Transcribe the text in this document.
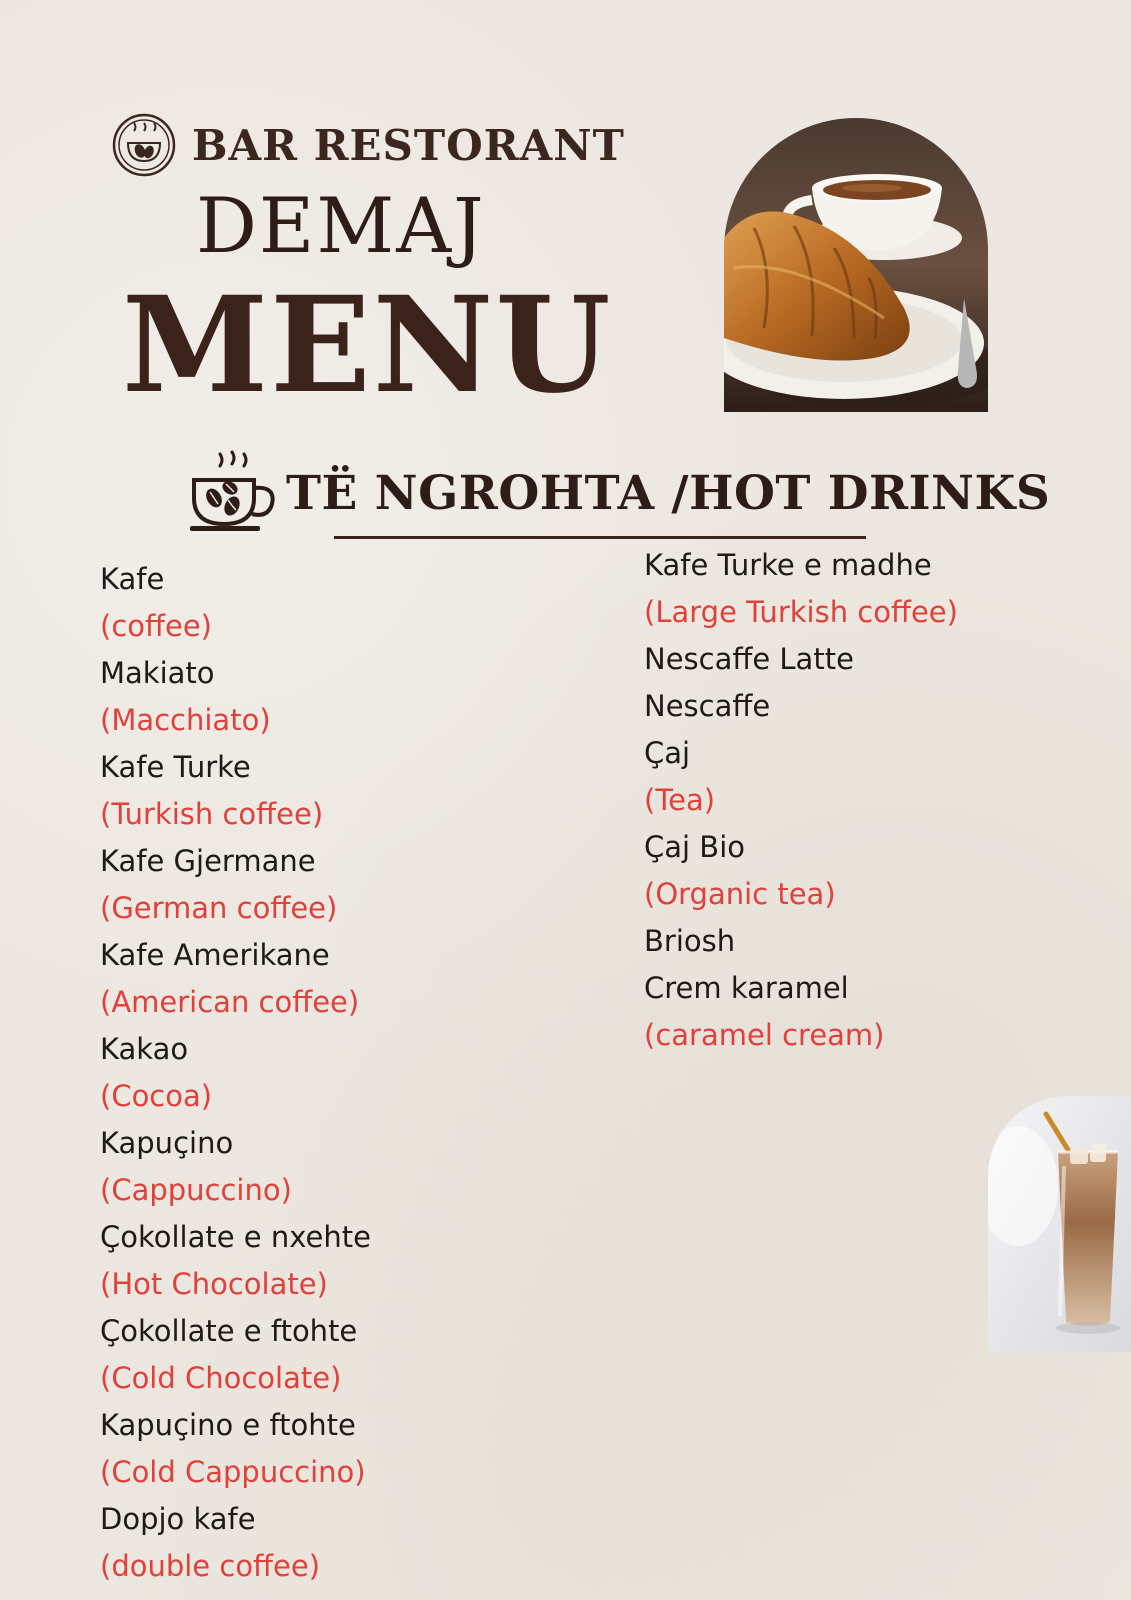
BAR RESTORANT
DEMAJ
MENU
TË NGROHTA /HOT DRINKS
Kafe
(coffee)
Makiato
(Macchiato)
Kafe Turke
(Turkish coffee)
Kafe Gjermane
(German coffee)
Kafe Amerikane
(American coffee)
Kakao
(Cocoa)
Kapuçino
(Cappuccino)
Çokollate e nxehte
(Hot Chocolate)
Çokollate e ftohte
(Cold Chocolate)
Kapuçino e ftohte
(Cold Cappuccino)
Dopjo kafe
(double coffee)
Kafe Turke e madhe
(Large Turkish coffee)
Nescaffe Latte
Nescaffe
Çaj
(Tea)
Çaj Bio
(Organic tea)
Briosh
Crem karamel
(caramel cream)
